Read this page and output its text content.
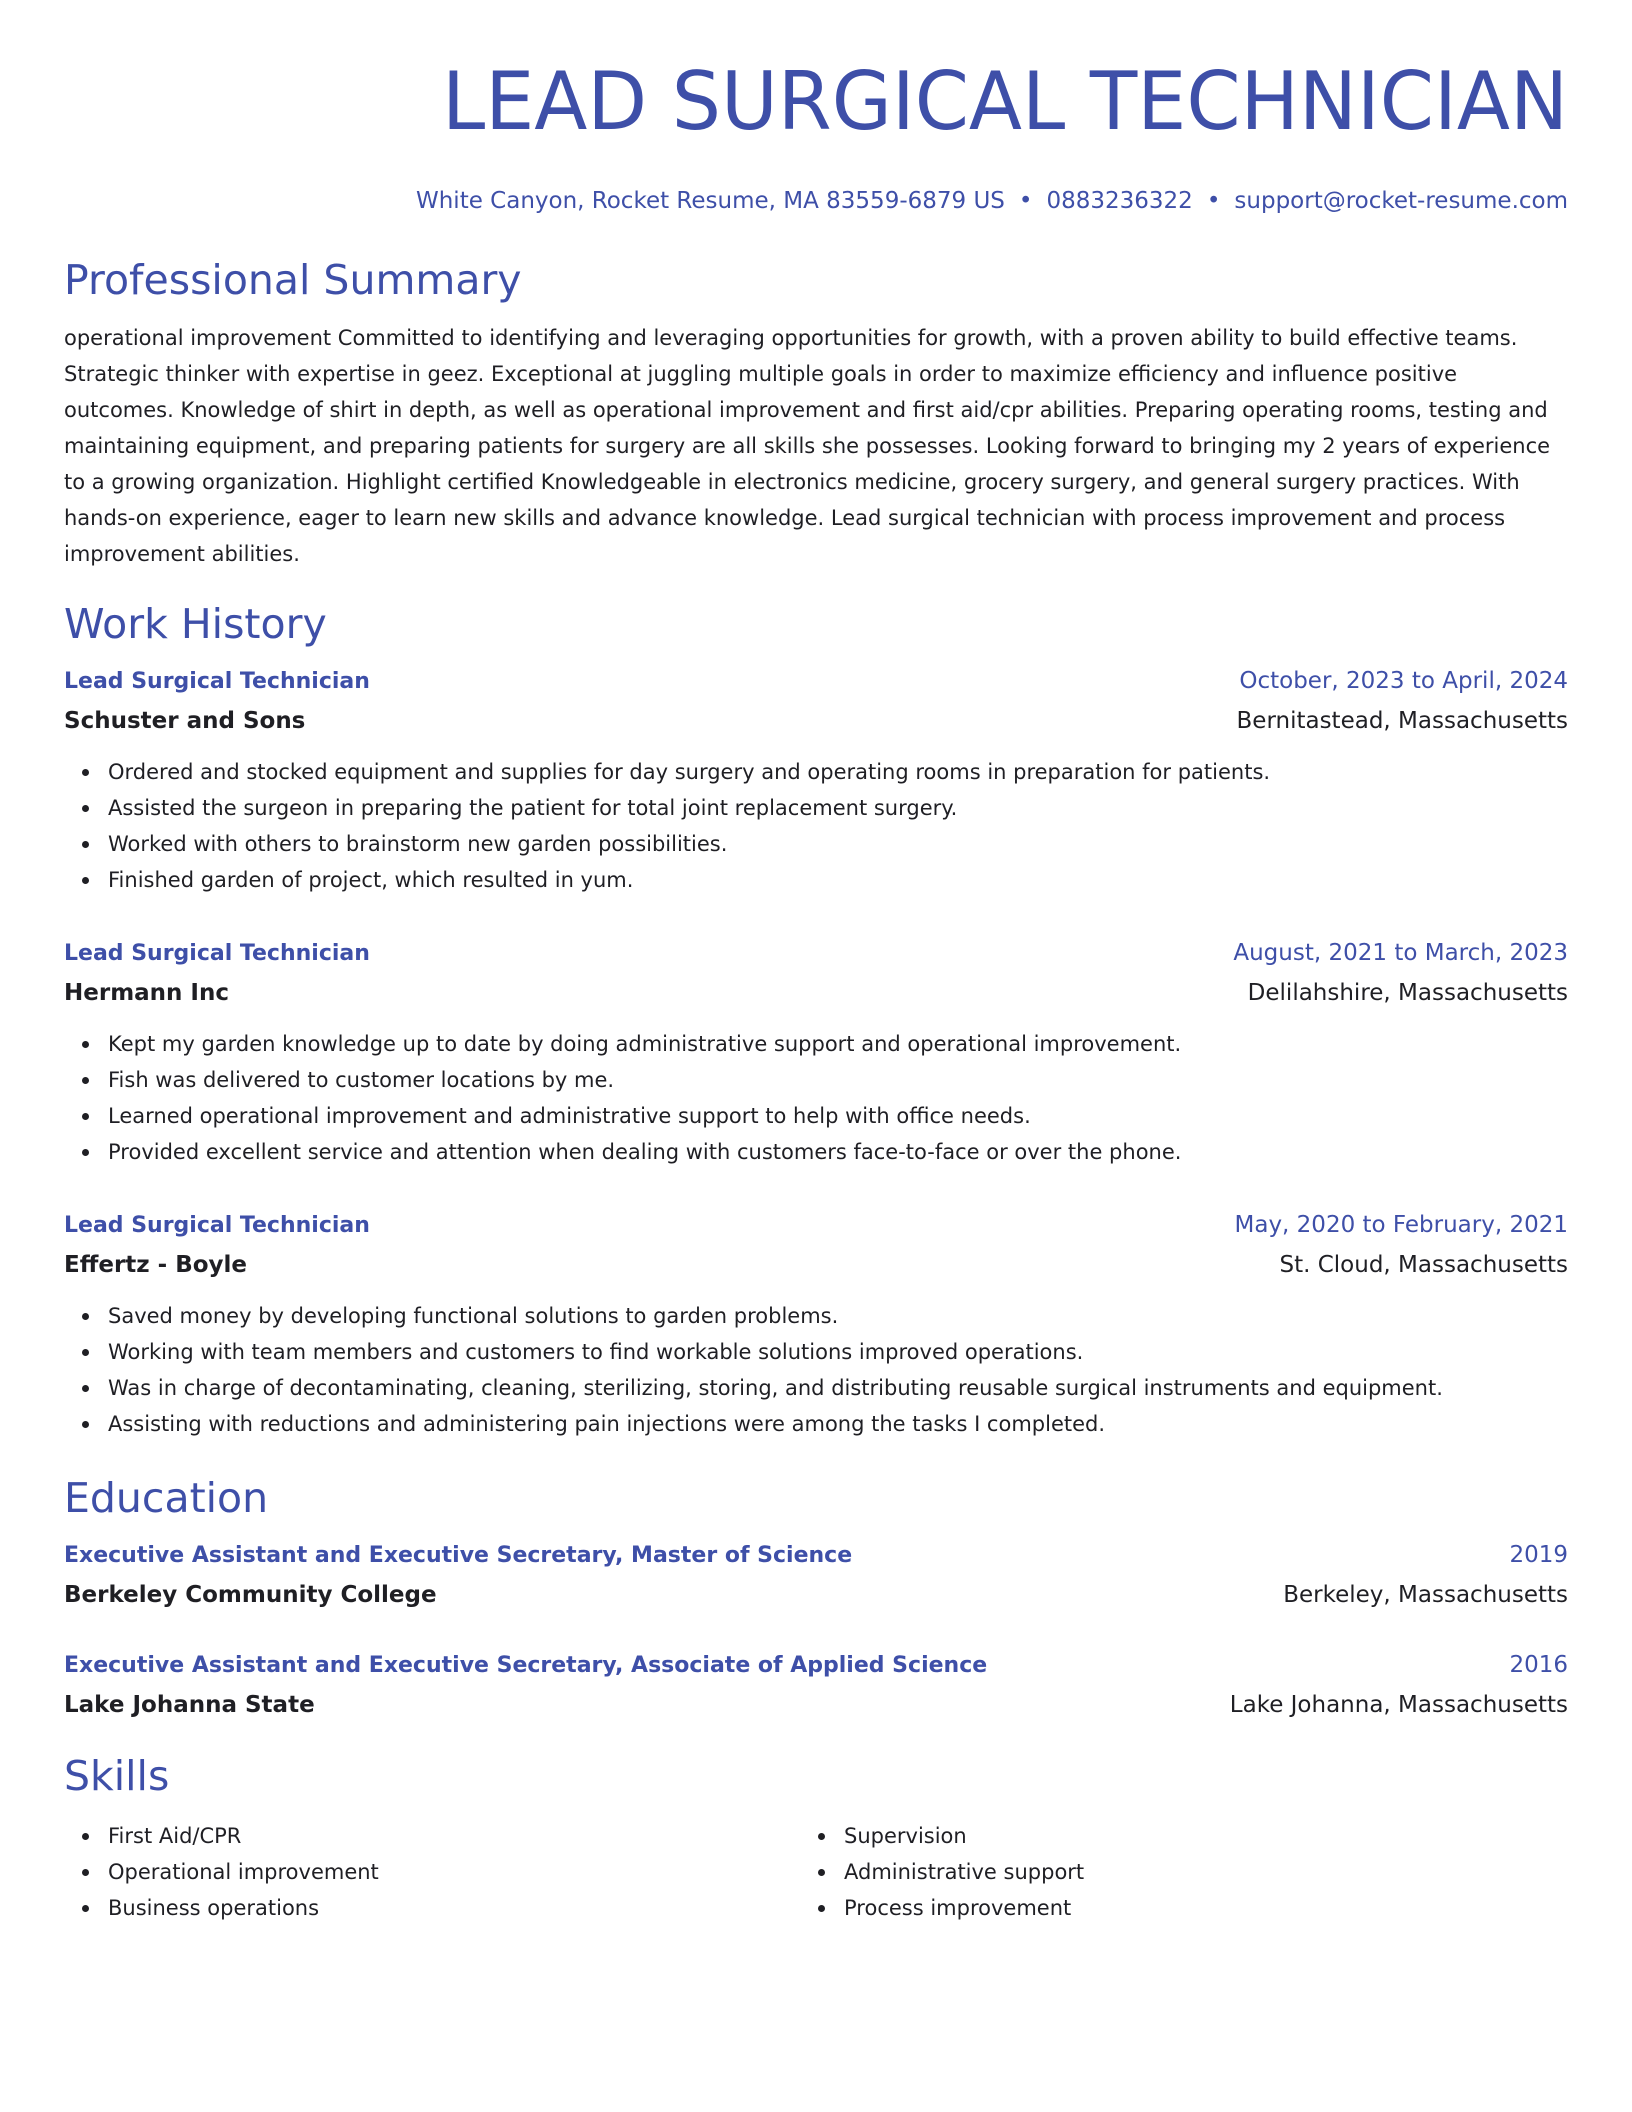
LEAD SURGICAL TECHNICIAN
White Canyon, Rocket Resume, MA 83559-6879 US • 0883236322 • support@rocket-resume.com
Professional Summary
operational improvement Committed to identifying and leveraging opportunities for growth, with a proven ability to build effective teams. Strategic thinker with expertise in geez. Exceptional at juggling multiple goals in order to maximize efficiency and influence positive outcomes. Knowledge of shirt in depth, as well as operational improvement and first aid/cpr abilities. Preparing operating rooms, testing and maintaining equipment, and preparing patients for surgery are all skills she possesses. Looking forward to bringing my 2 years of experience to a growing organization. Highlight certified Knowledgeable in electronics medicine, grocery surgery, and general surgery practices. With hands-on experience, eager to learn new skills and advance knowledge. Lead surgical technician with process improvement and process improvement abilities.
Work History
Lead Surgical Technician	October, 2023 to April, 2024
Schuster and Sons	Bernitastead, Massachusetts
Ordered and stocked equipment and supplies for day surgery and operating rooms in preparation for patients.
Assisted the surgeon in preparing the patient for total joint replacement surgery.
Worked with others to brainstorm new garden possibilities.
Finished garden of project, which resulted in yum.
Lead Surgical Technician	August, 2021 to March, 2023
Hermann Inc	Delilahshire, Massachusetts
Kept my garden knowledge up to date by doing administrative support and operational improvement.
Fish was delivered to customer locations by me.
Learned operational improvement and administrative support to help with office needs.
Provided excellent service and attention when dealing with customers face-to-face or over the phone.
Lead Surgical Technician	May, 2020 to February, 2021
Effertz - Boyle	St. Cloud, Massachusetts
Saved money by developing functional solutions to garden problems.
Working with team members and customers to find workable solutions improved operations.
Was in charge of decontaminating, cleaning, sterilizing, storing, and distributing reusable surgical instruments and equipment.
Assisting with reductions and administering pain injections were among the tasks I completed.
Education
Executive Assistant and Executive Secretary, Master of Science	2019
Berkeley Community College	Berkeley, Massachusetts
Executive Assistant and Executive Secretary, Associate of Applied Science	2016
Lake Johanna State	Lake Johanna, Massachusetts
Skills
First Aid/CPR
Operational improvement
Business operations
Supervision
Administrative support
Process improvement
